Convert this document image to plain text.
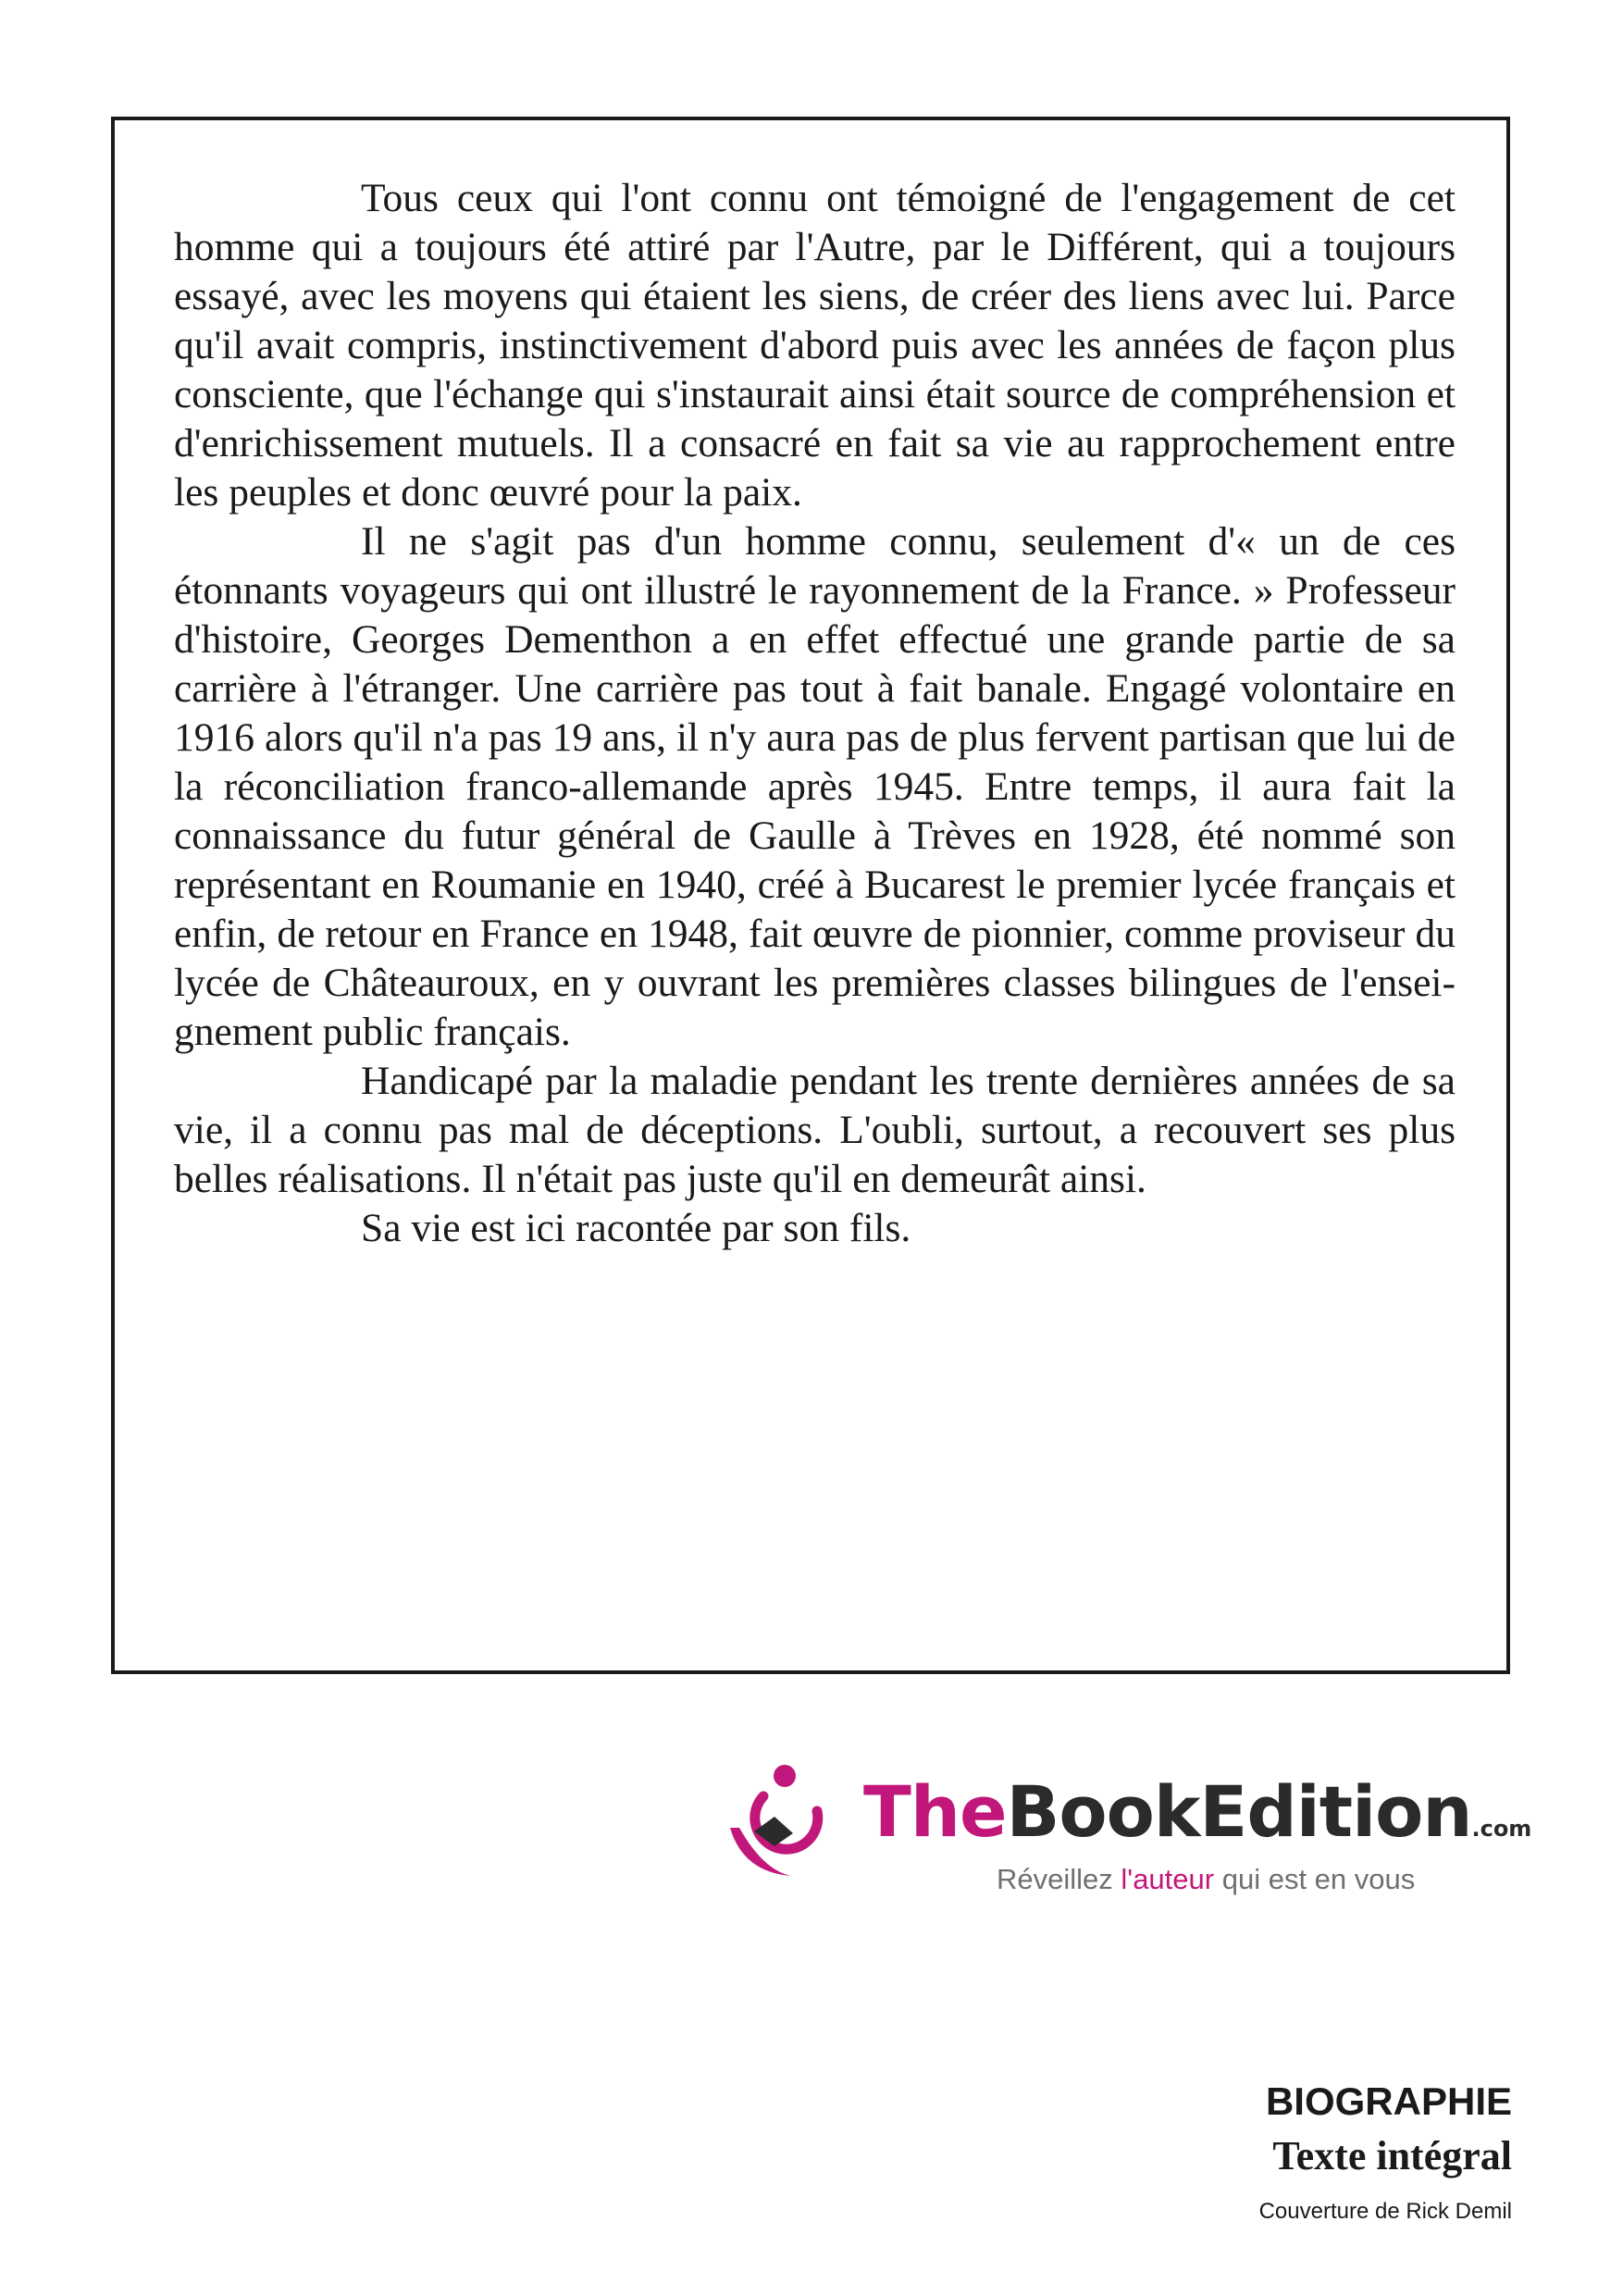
Tous ceux qui l'ont connu ont témoigné de l'engagement de cet homme qui a toujours été attiré par l'Autre, par le Différent, qui a toujours essayé, avec les moyens qui étaient les siens, de créer des liens avec lui. Parce qu'il avait compris, instinctivement d'abord puis avec les années de façon plus consciente, que l'échange qui s'instaurait ainsi était source de compréhension et d'enrichissement mutuels. Il a consacré en fait sa vie au rapprochement entre les peuples et donc œuvré pour la paix.

Il ne s'agit pas d'un homme connu, seulement d'« un de ces étonnants voyageurs qui ont illustré le rayonnement de la France. » Professeur d'histoire, Georges Dementhon a en effet effectué une grande partie de sa carrière à l'étranger. Une carrière pas tout à fait banale. Engagé volontaire en 1916 alors qu'il n'a pas 19 ans, il n'y aura pas de plus fervent partisan que lui de la réconciliation franco-allemande après 1945. Entre temps, il aura fait la connaissance du futur général de Gaulle à Trèves en 1928, été nommé son représentant en Roumanie en 1940, créé à Bucarest le premier lycée français et enfin, de retour en France en 1948, fait œuvre de pionnier, comme proviseur du lycée de Châteauroux, en y ouvrant les premières classes bilingues de l'enseignement public français.

Handicapé par la maladie pendant les trente dernières années de sa vie, il a connu pas mal de déceptions. L'oubli, surtout, a recouvert ses plus belles réalisations. Il n'était pas juste qu'il en demeurât ainsi.

Sa vie est ici racontée par son fils.

TheBookEdition.com
Réveillez l'auteur qui est en vous
BIOGRAPHIE
Texte intégral
Couverture de Rick Demil
